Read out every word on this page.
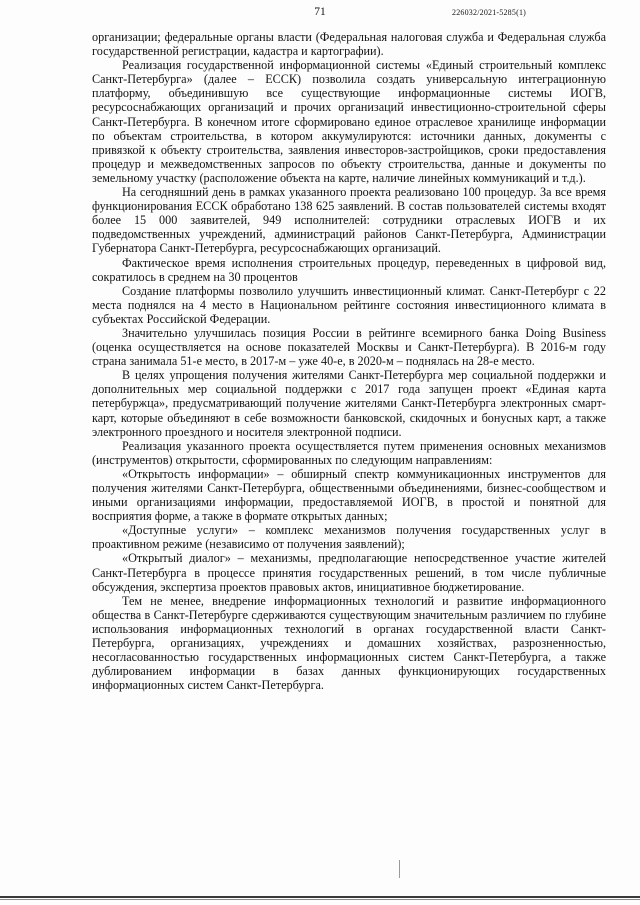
71	226032/2021-5285(1)

организации; федеральные органы власти (Федеральная налоговая служба и Федеральная служба государственной регистрации, кадастра и картографии).

Реализация государственной информационной системы «Единый строительный комплекс Санкт-Петербурга» (далее – ЕССК) позволила создать универсальную интеграционную платформу, объединившую все существующие информационные системы ИОГВ, ресурсоснабжающих организаций и прочих организаций инвестиционно-строительной сферы Санкт-Петербурга. В конечном итоге сформировано единое отраслевое хранилище информации по объектам строительства, в котором аккумулируются: источники данных, документы с привязкой к объекту строительства, заявления инвесторов-застройщиков, сроки предоставления процедур и межведомственных запросов по объекту строительства, данные и документы по земельному участку (расположение объекта на карте, наличие линейных коммуникаций и т.д.).

На сегодняшний день в рамках указанного проекта реализовано 100 процедур. За все время функционирования ЕССК обработано 138 625 заявлений. В состав пользователей системы входят более 15 000 заявителей, 949 исполнителей: сотрудники отраслевых ИОГВ и их подведомственных учреждений, администраций районов Санкт-Петербурга, Администрации Губернатора Санкт-Петербурга, ресурсоснабжающих организаций.

Фактическое время исполнения строительных процедур, переведенных в цифровой вид, сократилось в среднем на 30 процентов

Создание платформы позволило улучшить инвестиционный климат. Санкт-Петербург с 22 места поднялся на 4 место в Национальном рейтинге состояния инвестиционного климата в субъектах Российской Федерации.

Значительно улучшилась позиция России в рейтинге всемирного банка Doing Business (оценка осуществляется на основе показателей Москвы и Санкт-Петербурга). В 2016-м году страна занимала 51-е место, в 2017-м – уже 40-е, в 2020-м – поднялась на 28-е место.

В целях упрощения получения жителями Санкт-Петербурга мер социальной поддержки и дополнительных мер социальной поддержки с 2017 года запущен проект «Единая карта петербуржца», предусматривающий получение жителями Санкт-Петербурга электронных смарт-карт, которые объединяют в себе возможности банковской, скидочных и бонусных карт, а также электронного проездного и носителя электронной подписи.

Реализация указанного проекта осуществляется путем применения основных механизмов (инструментов) открытости, сформированных по следующим направлениям:

«Открытость информации» – обширный спектр коммуникационных инструментов для получения жителями Санкт-Петербурга, общественными объединениями, бизнес-сообществом и иными организациями информации, предоставляемой ИОГВ, в простой и понятной для восприятия форме, а также в формате открытых данных;

«Доступные услуги» – комплекс механизмов получения государственных услуг в проактивном режиме (независимо от получения заявлений);

«Открытый диалог» – механизмы, предполагающие непосредственное участие жителей Санкт-Петербурга в процессе принятия государственных решений, в том числе публичные обсуждения, экспертиза проектов правовых актов, инициативное бюджетирование.

Тем не менее, внедрение информационных технологий и развитие информационного общества в Санкт-Петербурге сдерживаются существующим значительным различием по глубине использования информационных технологий в органах государственной власти Санкт-Петербурга, организациях, учреждениях и домашних хозяйствах, разрозненностью, несогласованностью государственных информационных систем Санкт-Петербурга, а также дублированием информации в базах данных функционирующих государственных информационных систем Санкт-Петербурга.
